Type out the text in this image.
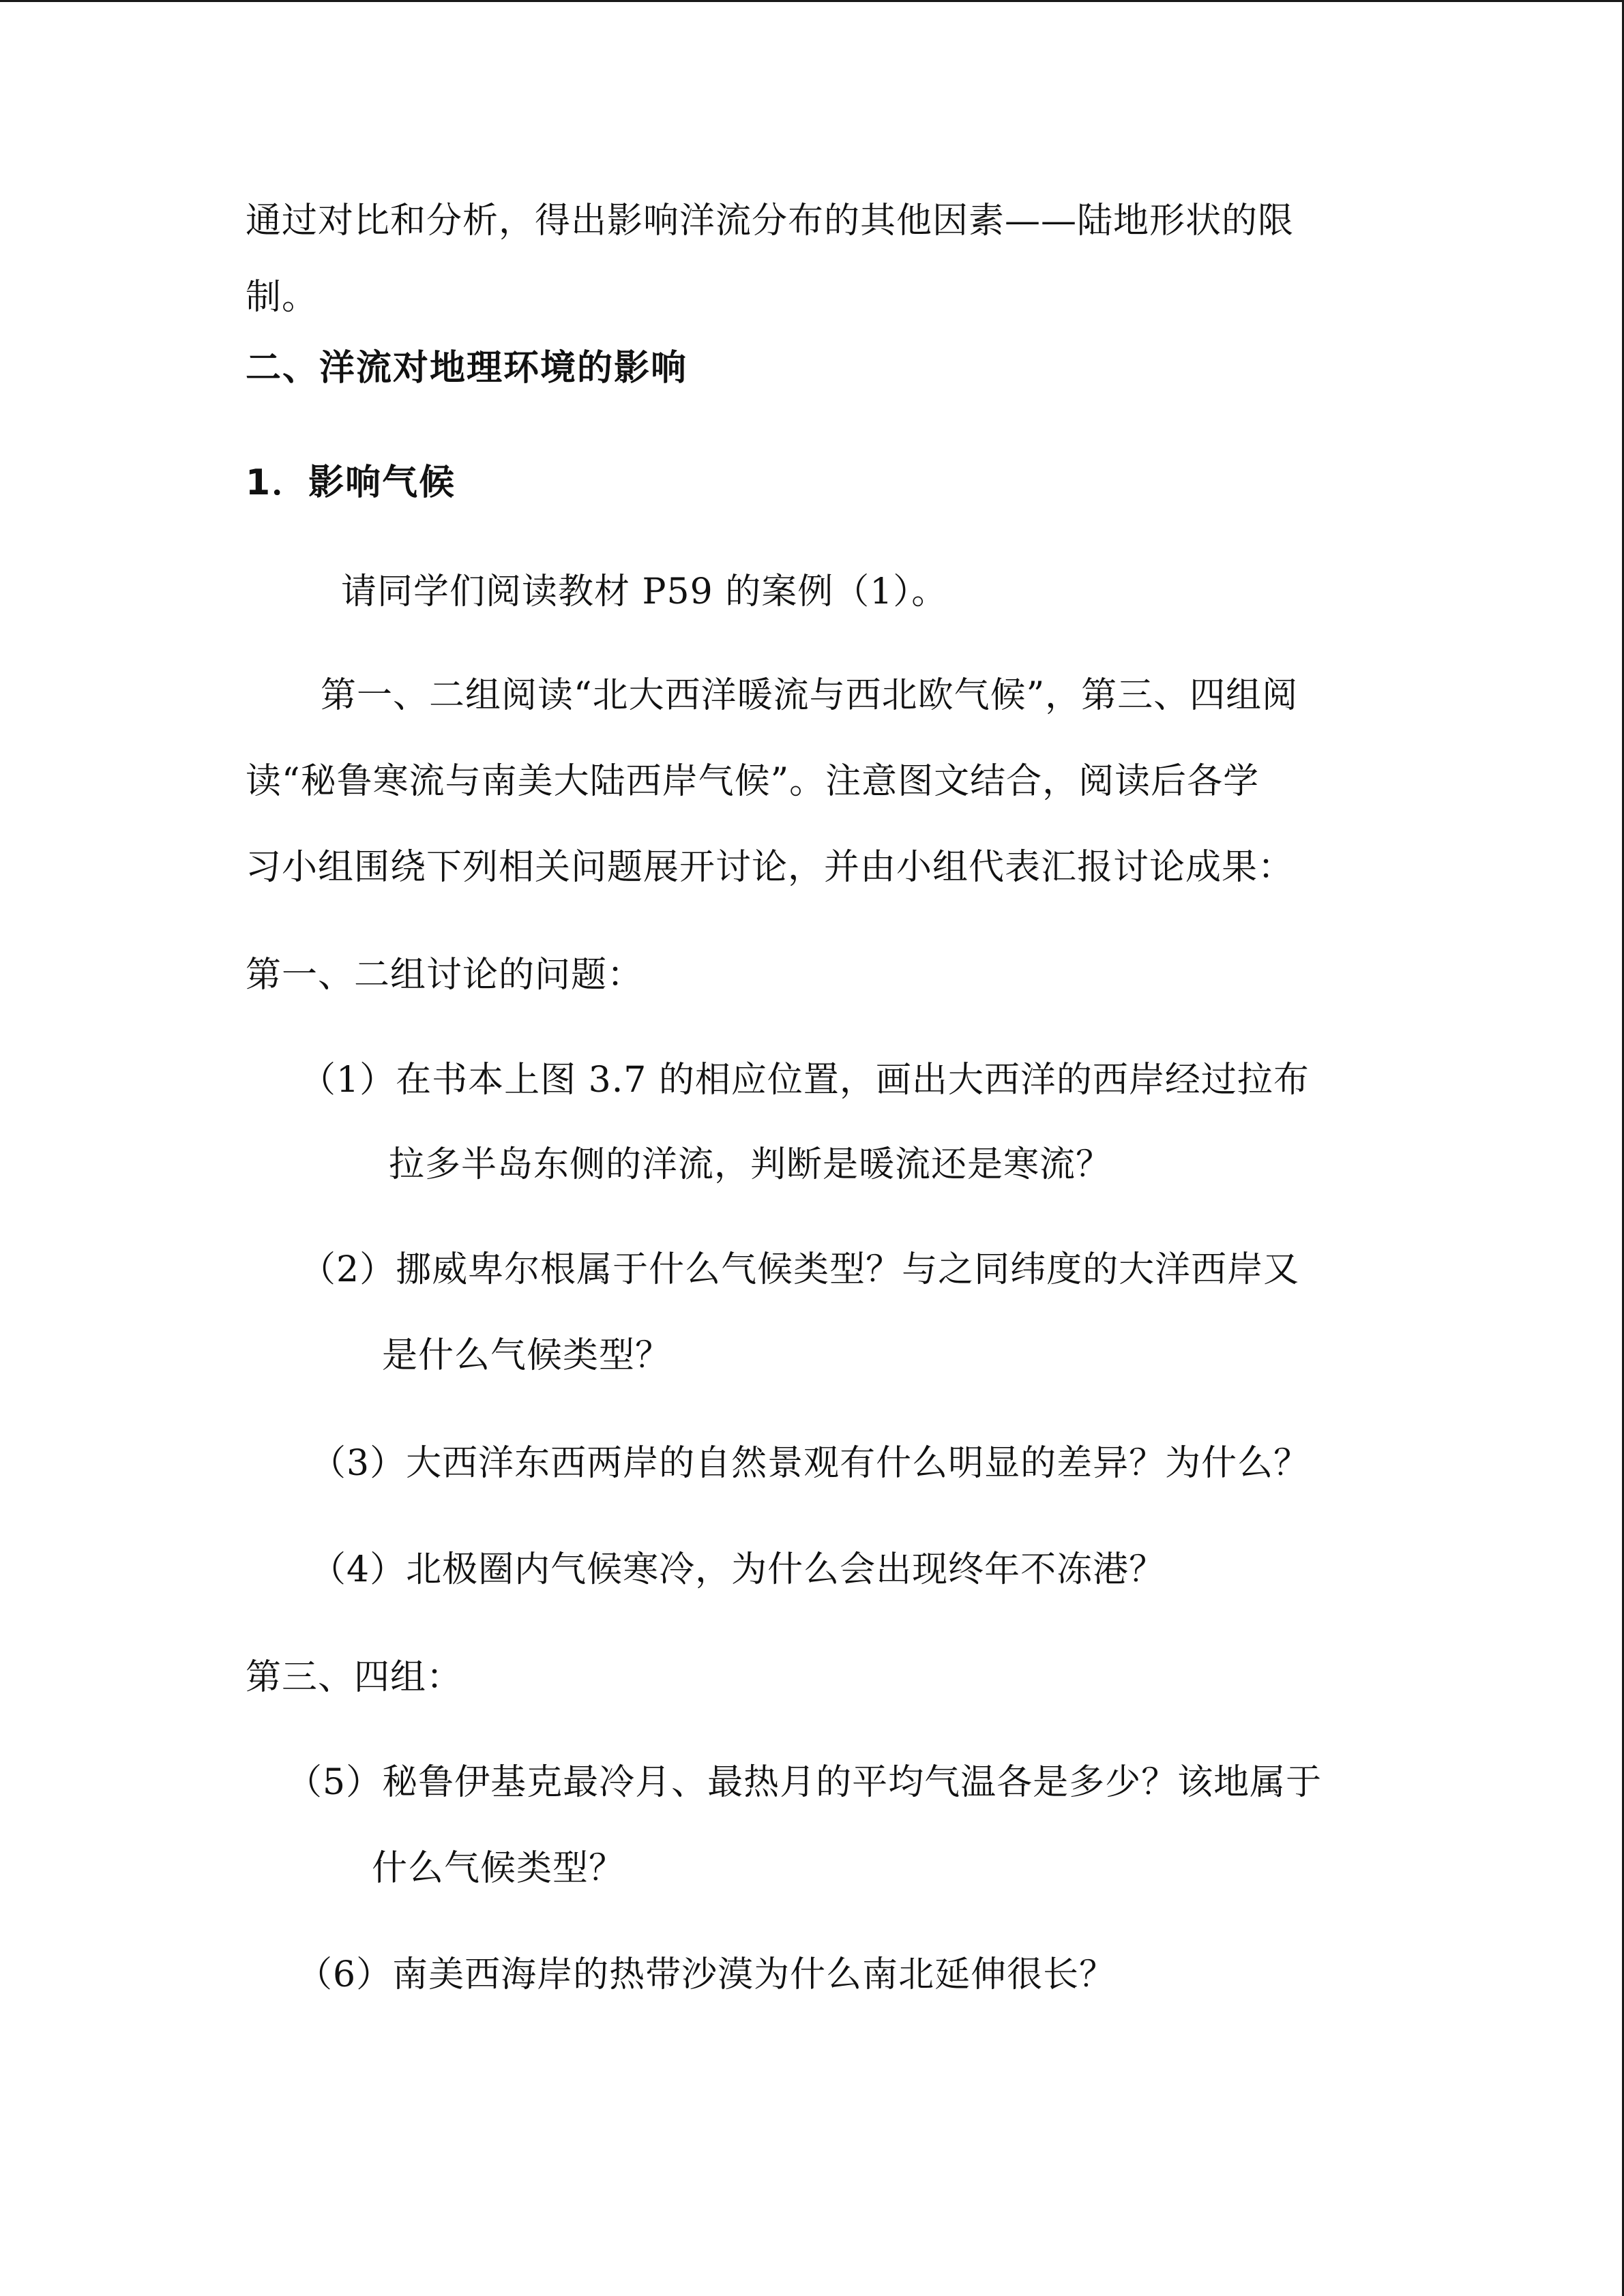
通过对比和分析，得出影响洋流分布的其他因素——陆地形状的限
制。
二、洋流对地理环境的影响
1．影响气候
请同学们阅读教材 P59 的案例（1）。
第一、二组阅读“北大西洋暖流与西北欧气候”，第三、四组阅
读“秘鲁寒流与南美大陆西岸气候”。注意图文结合，阅读后各学
习小组围绕下列相关问题展开讨论，并由小组代表汇报讨论成果：
第一、二组讨论的问题：
（1）在书本上图 3.7 的相应位置，画出大西洋的西岸经过拉布
拉多半岛东侧的洋流，判断是暖流还是寒流？
（2）挪威卑尔根属于什么气候类型？与之同纬度的大洋西岸又
是什么气候类型？
（3）大西洋东西两岸的自然景观有什么明显的差异？为什么？
（4）北极圈内气候寒冷，为什么会出现终年不冻港？
第三、四组：
（5）秘鲁伊基克最冷月、最热月的平均气温各是多少？该地属于
什么气候类型？
（6）南美西海岸的热带沙漠为什么南北延伸很长？
